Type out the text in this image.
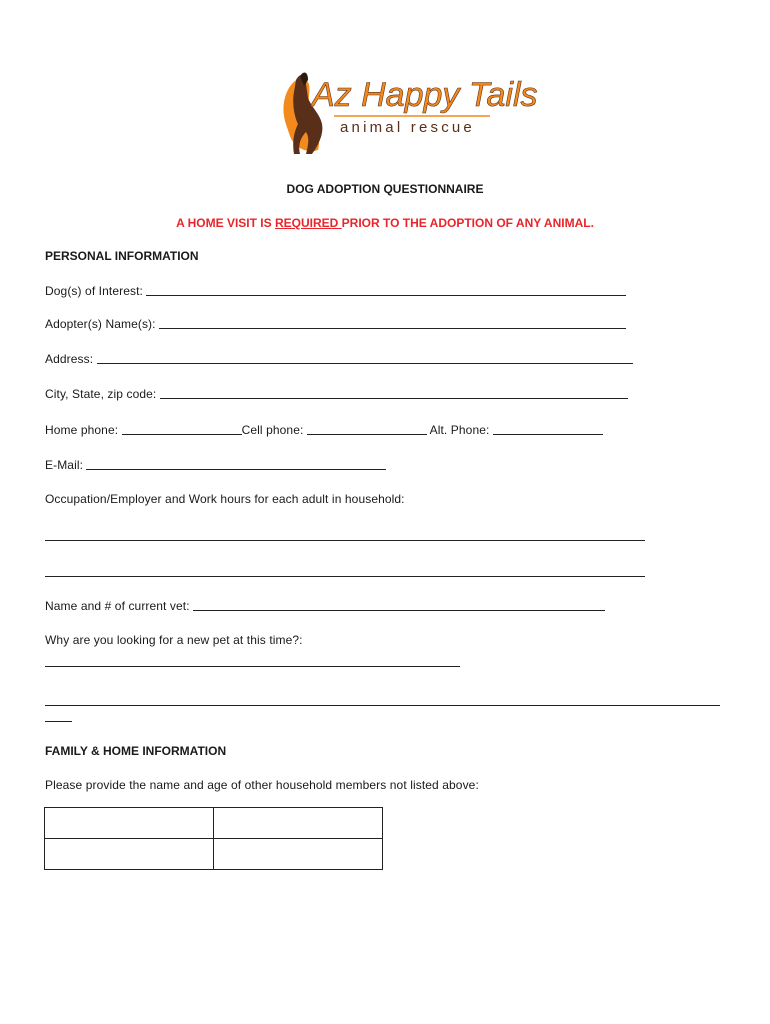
Az Happy Tails
animal rescue
DOG ADOPTION QUESTIONNAIRE
A HOME VISIT IS REQUIRED PRIOR TO THE ADOPTION OF ANY ANIMAL.
PERSONAL INFORMATION
Dog(s) of Interest:
Adopter(s) Name(s):
Address:
City, State, zip code:
Home phone:	Cell phone:	Alt. Phone:
E-Mail:
Occupation/Employer and Work hours for each adult in household:
Name and # of current vet:
Why are you looking for a new pet at this time?:
FAMILY & HOME INFORMATION
Please provide the name and age of other household members not listed above:
